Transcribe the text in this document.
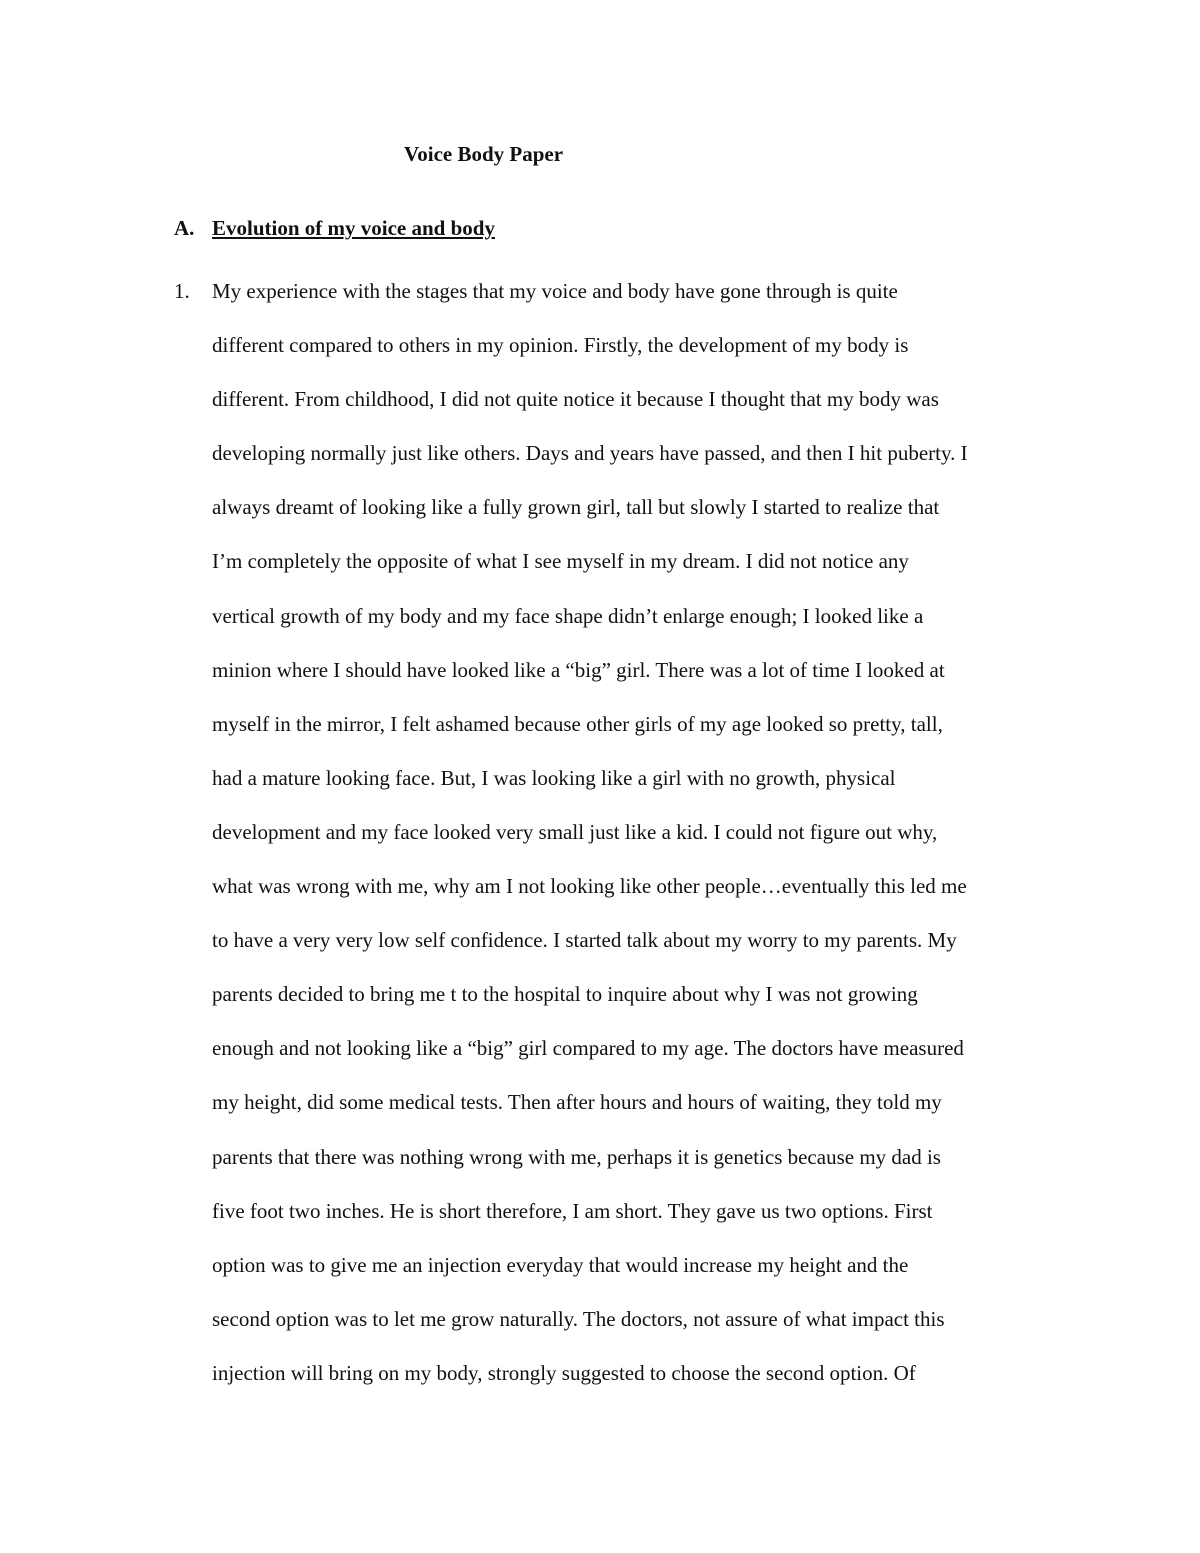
Voice Body Paper
A. Evolution of my voice and body
1. My experience with the stages that my voice and body have gone through is quite
different compared to others in my opinion. Firstly, the development of my body is
different. From childhood, I did not quite notice it because I thought that my body was
developing normally just like others. Days and years have passed, and then I hit puberty. I
always dreamt of looking like a fully grown girl, tall but slowly I started to realize that
I’m completely the opposite of what I see myself in my dream. I did not notice any
vertical growth of my body and my face shape didn’t enlarge enough; I looked like a
minion where I should have looked like a “big” girl. There was a lot of time I looked at
myself in the mirror, I felt ashamed because other girls of my age looked so pretty, tall,
had a mature looking face. But, I was looking like a girl with no growth, physical
development and my face looked very small just like a kid. I could not figure out why,
what was wrong with me, why am I not looking like other people…eventually this led me
to have a very very low self confidence. I started talk about my worry to my parents. My
parents decided to bring me t to the hospital to inquire about why I was not growing
enough and not looking like a “big” girl compared to my age. The doctors have measured
my height, did some medical tests. Then after hours and hours of waiting, they told my
parents that there was nothing wrong with me, perhaps it is genetics because my dad is
five foot two inches. He is short therefore, I am short. They gave us two options. First
option was to give me an injection everyday that would increase my height and the
second option was to let me grow naturally. The doctors, not assure of what impact this
injection will bring on my body, strongly suggested to choose the second option. Of
